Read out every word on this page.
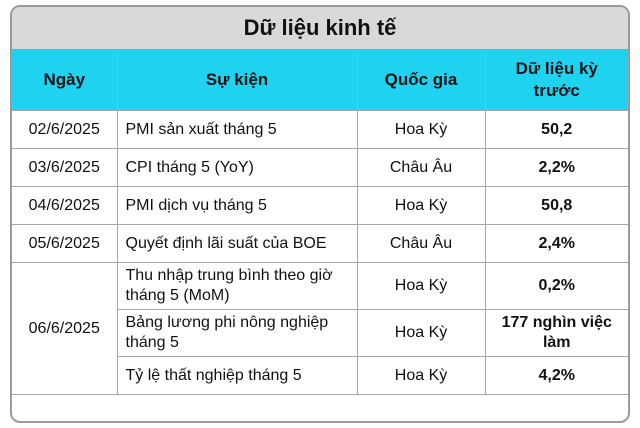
Dữ liệu kinh tế
Ngày	Sự kiện	Quốc gia	Dữ liệu kỳ trước
02/6/2025	PMI sản xuất tháng 5	Hoa Kỳ	50,2
03/6/2025	CPI tháng 5 (YoY)	Châu Âu	2,2%
04/6/2025	PMI dịch vụ tháng 5	Hoa Kỳ	50,8
05/6/2025	Quyết định lãi suất của BOE	Châu Âu	2,4%
06/6/2025	Thu nhập trung bình theo giờ tháng 5 (MoM)	Hoa Kỳ	0,2%
	Bảng lương phi nông nghiệp tháng 5	Hoa Kỳ	177 nghìn việc làm
	Tỷ lệ thất nghiệp tháng 5	Hoa Kỳ	4,2%
